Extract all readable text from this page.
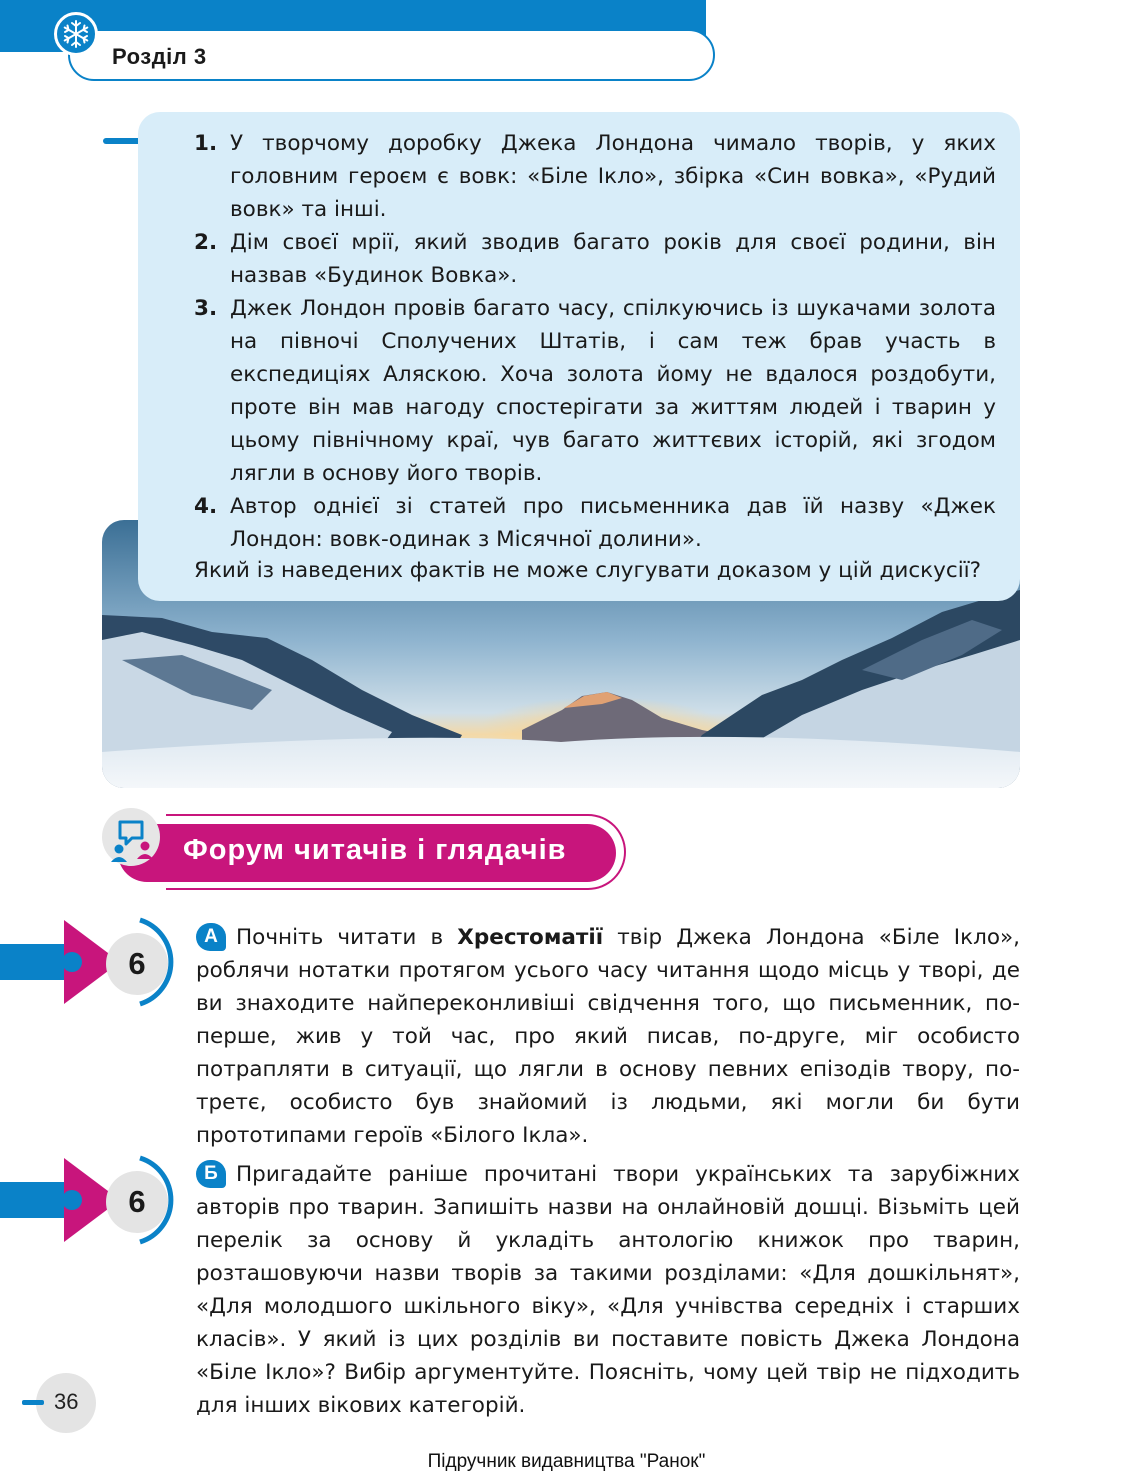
Розділ 3
1. У творчому доробку Джека Лондона чимало творів, у яких головним героєм є вовк: «Біле Ікло», збірка «Син вовка», «Рудий вовк» та інші.
2. Дім своєї мрії, який зводив багато років для своєї родини, він назвав «Будинок Вовка».
3. Джек Лондон провів багато часу, спілкуючись із шукачами золота на півночі Сполучених Штатів, і сам теж брав участь в експедиціях Аляскою. Хоча золота йому не вдалося роздобути, проте він мав нагоду спостерігати за життям людей і тварин у цьому північному краї, чув багато життєвих історій, які згодом лягли в основу його творів.
4. Автор однієї зі статей про письменника дав їй назву «Джек Лондон: вовк-одинак з Місячної долини».
Який із наведених фактів не може слугувати доказом у цій дискусії?
Форум читачів і глядачів
6
А Почніть читати в Хрестоматії твір Джека Лондона «Біле Ікло», роблячи нотатки протягом усього часу читання щодо місць у творі, де ви знаходите найпереконливіші свідчення того, що письменник, по-перше, жив у той час, про який писав, по-друге, міг особисто потрапляти в ситуації, що лягли в основу певних епізодів твору, по-третє, особисто був знайомий із людьми, які могли би бути прототипами героїв «Білого Ікла».
6
Б Пригадайте раніше прочитані твори українських та зарубіжних авторів про тварин. Запишіть назви на онлайновій дошці. Візьміть цей перелік за основу й укладіть антологію книжок про тварин, розташовуючи назви творів за такими розділами: «Для дошкільнят», «Для молодшого шкільного віку», «Для учнівства середніх і старших класів». У який із цих розділів ви поставите повість Джека Лондона «Біле Ікло»? Вибір аргументуйте. Поясніть, чому цей твір не підходить для інших вікових категорій.
36
Підручник видавництва "Ранок"
